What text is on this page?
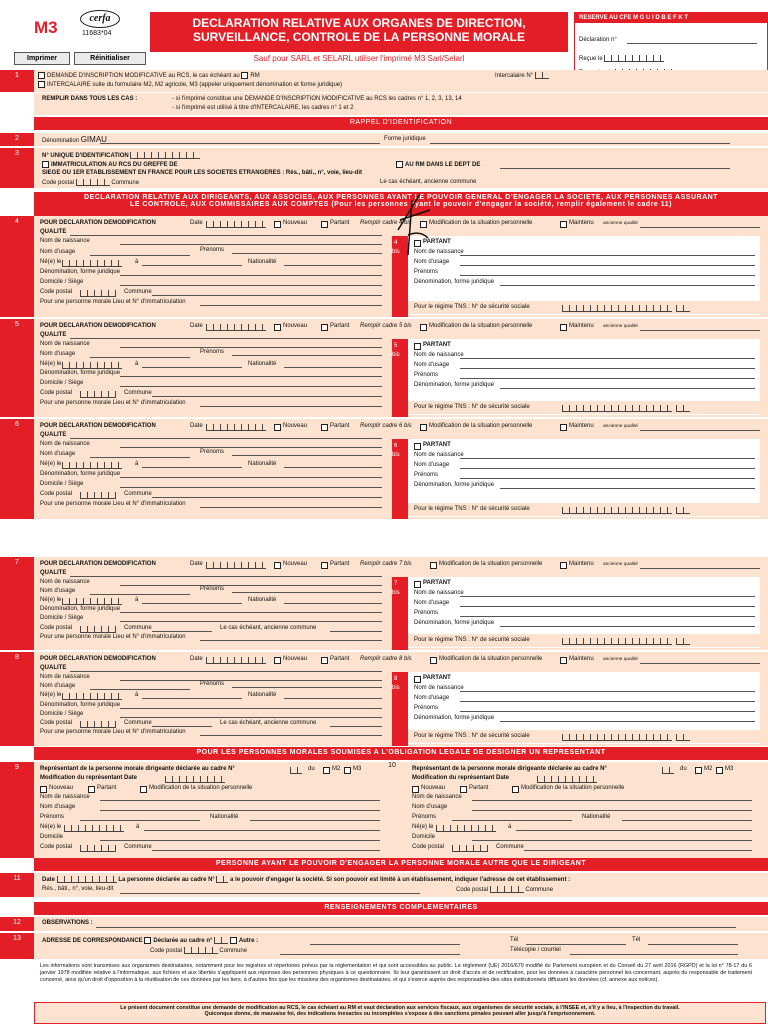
M3	cerfa
11683*04
Imprimer	Réinitialiser
DECLARATION RELATIVE AUX ORGANES DE DIRECTION,
SURVEILLANCE, CONTROLE DE LA PERSONNE MORALE
Sauf pour SARL et SELARL utiliser l'imprimé M3 Sarl/Selarl
RESERVE AU CFE M G U I D B E F K T
Déclaration n°
Reçue le
1	DEMANDE D'INSCRIPTION MODIFICATIVE au RCS, le cas échéant au RM	Intercalaire N°
INTERCALAIRE suite du formulaire M2, M2 agricole, M3 (appeler uniquement dénomination et forme juridique)
REMPLIR DANS TOUS LES CAS :	- si l'imprimé constitue une DEMANDE D'INSCRIPTION MODIFICATIVE au RCS les cadres n° 1, 2, 3, 13, 14
- si l'imprimé est utilisé à titre d'INTERCALAIRE, les cadres n° 1 et 2
RAPPEL D'IDENTIFICATION
2	Dénomination GIMAU	Forme juridique
3	N° UNIQUE D'IDENTIFICATION
IMMATRICULATION AU RCS DU GREFFE DE	AU RM DANS LE DEPT DE
SIEGE OU 1ER ETABLISSEMENT EN FRANCE POUR LES SOCIETES ETRANGERES : Rés., bâti., n°, voie, lieu-dit
Code postal	Commune	Le cas échéant, ancienne commune
DECLARATION RELATIVE AUX DIRIGEANTS, AUX ASSOCIES, AUX PERSONNES AYANT LE POUVOIR GENERAL D'ENGAGER LA SOCIETE, AUX PERSONNES ASSURANT
LE CONTROLE, AUX COMMISSAIRES AUX COMPTES (Pour les personnes ayant le pouvoir d'engager la société, remplir également le cadre 11)
4	POUR DECLARATION DEMODIFICATION	Date	Nouveau	Partant Remplir cadre 4 bis	Modification de la situation personnelle	Maintenu ancienne qualité
QUALITE
Nom de naissance
Nom d'usage	Prénoms
Né(e) le	à	Nationalité
Dénomination, forme juridique
Domicile / Siège
Code postal	Commune
Pour une personne morale Lieu et N° d'immatriculation
4
bis
PARTANT
Nom de naissance
Nom d'usage
Prénoms
Dénomination, forme juridique
Pour le régime TNS : N° de sécurité sociale
5	POUR DECLARATION DEMODIFICATION	Date	Nouveau	Partant Remplir cadre 5 bis	Modification de la situation personnelle	Maintenu ancienne qualité
QUALITE
Nom de naissance
Nom d'usage	Prénoms
Né(e) le	à	Nationalité
Dénomination, forme juridique
Domicile / Siège
Code postal	Commune
Pour une personne morale Lieu et N° d'immatriculation
5
bis
PARTANT
Nom de naissance
Nom d'usage
Prénoms
Dénomination, forme juridique
Pour le régime TNS : N° de sécurité sociale
6	POUR DECLARATION DEMODIFICATION	Date	Nouveau	Partant Remplir cadre 6 bis	Modification de la situation personnelle	Maintenu ancienne qualité
QUALITE
Nom de naissance
Nom d'usage	Prénoms
Né(e) le	à	Nationalité
Dénomination, forme juridique
Domicile / Siège
Code postal	Commune
Pour une personne morale Lieu et N° d'immatriculation
6
bis
PARTANT
Nom de naissance
Nom d'usage
Prénoms
Dénomination, forme juridique
Pour le régime TNS : N° de sécurité sociale
7	POUR DECLARATION DEMODIFICATION	Date	Nouveau	Partant Remplir cadre 7 bis	Modification de la situation personnelle	Maintenu ancienne qualité
QUALITE
Nom de naissance
Nom d'usage	Prénoms
Né(e) le	à	Nationalité
Dénomination, forme juridique
Domicile / Siège
Code postal	Commune	Le cas échéant, ancienne commune
Pour une personne morale Lieu et N° d'immatriculation
7
bis
PARTANT
Nom de naissance
Nom d'usage
Prénoms
Dénomination, forme juridique
Pour le régime TNS : N° de sécurité sociale
8	POUR DECLARATION DEMODIFICATION	Date	Nouveau	Partant Remplir cadre 8 bis	Modification de la situation personnelle	Maintenu ancienne qualité
QUALITE
Nom de naissance
Nom d'usage	Prénoms
Né(e) le	à	Nationalité
Dénomination, forme juridique
Domicile / Siège
Code postal	Commune	Le cas échéant, ancienne commune
Pour une personne morale Lieu et N° d'immatriculation
8
bis
PARTANT
Nom de naissance
Nom d'usage
Prénoms
Dénomination, forme juridique
Pour le régime TNS : N° de sécurité sociale
POUR LES PERSONNES MORALES SOUMISES A L'OBLIGATION LEGALE DE DESIGNER UN REPRESENTANT
9	10
Représentant de la personne morale dirigeante déclarée au cadre N°	du	M2 M3
Modification du représentant Date
Nouveau	Partant	Modification de la situation personnelle
Nom de naissance
Nom d'usage
Prénoms	Nationalité
Né(e) le	à
Domicile
Code postal	Commune
Représentant de la personne morale dirigeante déclarée au cadre N°	du	M2 M3
Modification du représentant Date
Nouveau	Partant	Modification de la situation personnelle
Nom de naissance
Nom d'usage
Prénoms	Nationalité
Né(e) le	à
Domicile
Code postal	Commune
PERSONNE AYANT LE POUVOIR D'ENGAGER LA PERSONNE MORALE AUTRE QUE LE DIRIGEANT
11	Date	La personne déclarée au cadre N°	a le pouvoir d'engager la société. Si son pouvoir est limité à un établissement, indiquer l'adresse de cet établissement :
Rés., bâti., n°, voie, lieu-dit	Code postal	Commune
RENSEIGNEMENTS COMPLEMENTAIRES
12	OBSERVATIONS :
13	ADRESSE DE CORRESPONDANCE Déclarée au cadre n°	Autre :	Tél	Tél
Code postal	Commune	Télécopie / courriel
Les informations sont transmises aux organismes destinataires, notamment pour les registres et répertoires prévus par la réglementation et qui sont accessibles au public. Le règlement (UE) 2016/679 modifié du Parlement européen et du Conseil du 27 avril 2016 (RGPD) et la loi n° 78-17 du 6 janvier 1978 modifiée relative à l'informatique, aux fichiers et aux libertés s'appliquent aux réponses des personnes physiques à ce questionnaire. Ils leur garantissent un droit d'accès et de rectification, pour les données à caractère personnel les concernant, auprès du responsable de traitement concerné, ainsi qu'un droit d'opposition à la réutilisation de ces données par les tiers, à d'autres fins que les missions des organismes destinataires, et qui s'exerce auprès des responsables des sites institutionnels diffusant les données (cf. annexe aux notices).
Le présent document constitue une demande de modification au RCS, le cas échéant au RM et vaut déclaration aux services fiscaux, aux organismes de sécurité sociale, à l'INSEE et, s'il y a lieu, à l'inspection du travail.
Quiconque donne, de mauvaise foi, des indications inexactes ou incomplètes s'expose à des sanctions pénales pouvant aller jusqu'à l'emprisonnement.
